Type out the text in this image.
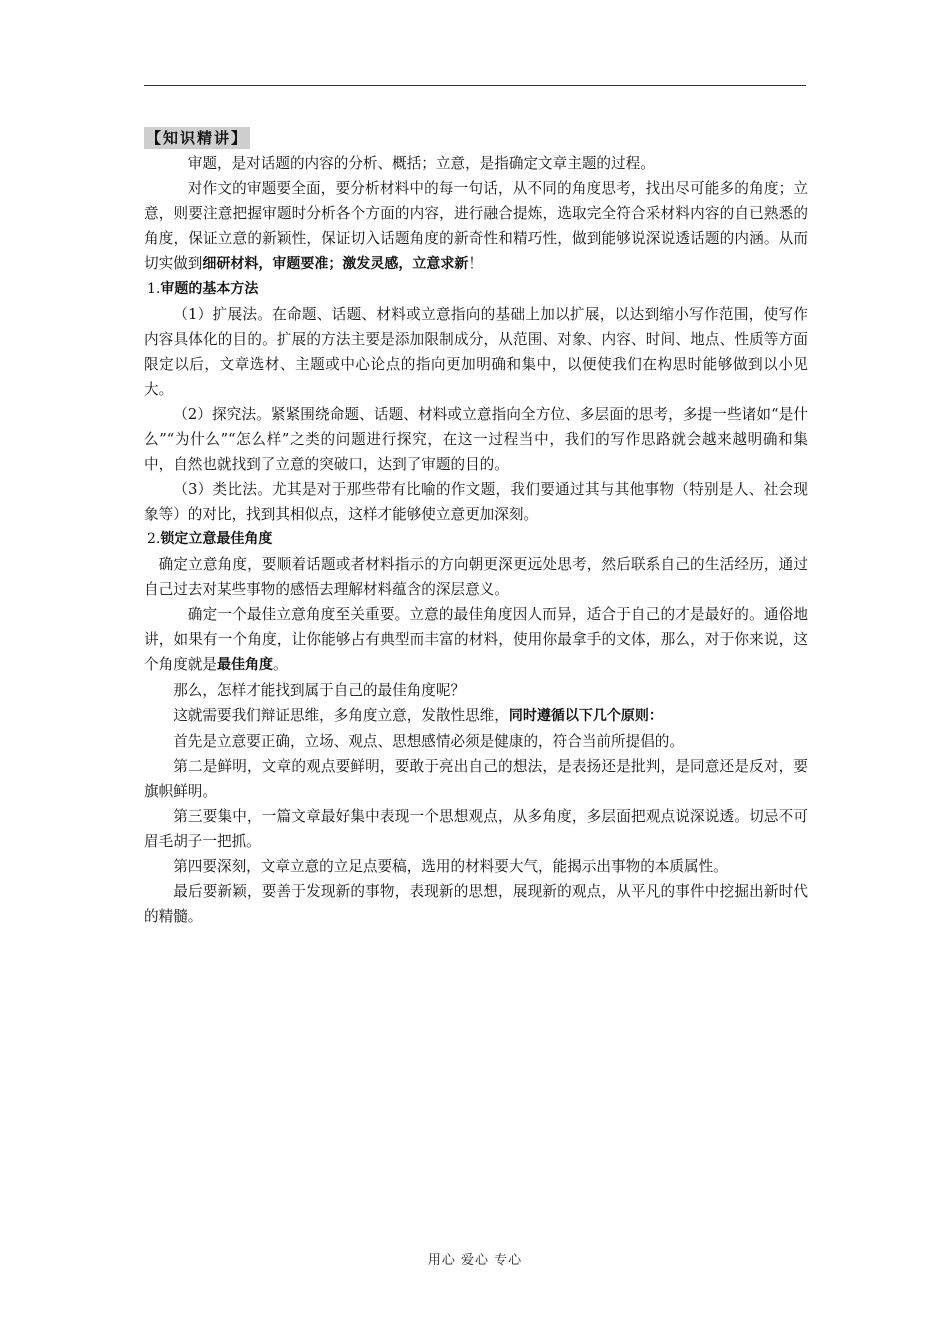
【知识精讲】

审题，是对话题的内容的分析、概括；立意，是指确定文章主题的过程。

对作文的审题要全面，要分析材料中的每一句话，从不同的角度思考，找出尽可能多的角度；立意，则要注意把握审题时分析各个方面的内容，进行融合提炼，选取完全符合采材料内容的自已熟悉的角度，保证立意的新颖性，保证切入话题角度的新奇性和精巧性，做到能够说深说透话题的内涵。从而切实做到细研材料，审题要准；激发灵感，立意求新！

1.审题的基本方法

（1）扩展法。在命题、话题、材料或立意指向的基础上加以扩展，以达到缩小写作范围，使写作内容具体化的目的。扩展的方法主要是添加限制成分，从范围、对象、内容、时间、地点、性质等方面限定以后，文章选材、主题或中心论点的指向更加明确和集中，以便使我们在构思时能够做到以小见大。

（2）探究法。紧紧围绕命题、话题、材料或立意指向全方位、多层面的思考，多提一些诸如“是什么”“为什么”“怎么样”之类的问题进行探究，在这一过程当中，我们的写作思路就会越来越明确和集中，自然也就找到了立意的突破口，达到了审题的目的。

（3）类比法。尤其是对于那些带有比喻的作文题，我们要通过其与其他事物（特别是人、社会现象等）的对比，找到其相似点，这样才能够使立意更加深刻。

2.锁定立意最佳角度

确定立意角度，要顺着话题或者材料指示的方向朝更深更远处思考，然后联系自己的生活经历，通过自己过去对某些事物的感悟去理解材料蕴含的深层意义。

确定一个最佳立意角度至关重要。立意的最佳角度因人而异，适合于自己的才是最好的。通俗地讲，如果有一个角度，让你能够占有典型而丰富的材料，使用你最拿手的文体，那么，对于你来说，这个角度就是最佳角度。

那么，怎样才能找到属于自己的最佳角度呢？

这就需要我们辩证思维，多角度立意，发散性思维，同时遵循以下几个原则：

首先是立意要正确，立场、观点、思想感情必须是健康的，符合当前所提倡的。

第二是鲜明，文章的观点要鲜明，要敢于亮出自己的想法，是表扬还是批判，是同意还是反对，要旗帜鲜明。

第三要集中，一篇文章最好集中表现一个思想观点，从多角度，多层面把观点说深说透。切忌不可眉毛胡子一把抓。

第四要深刻，文章立意的立足点要稿，选用的材料要大气，能揭示出事物的本质属性。

最后要新颖，要善于发现新的事物，表现新的思想，展现新的观点，从平凡的事件中挖掘出新时代的精髓。

用心 爱心 专心
